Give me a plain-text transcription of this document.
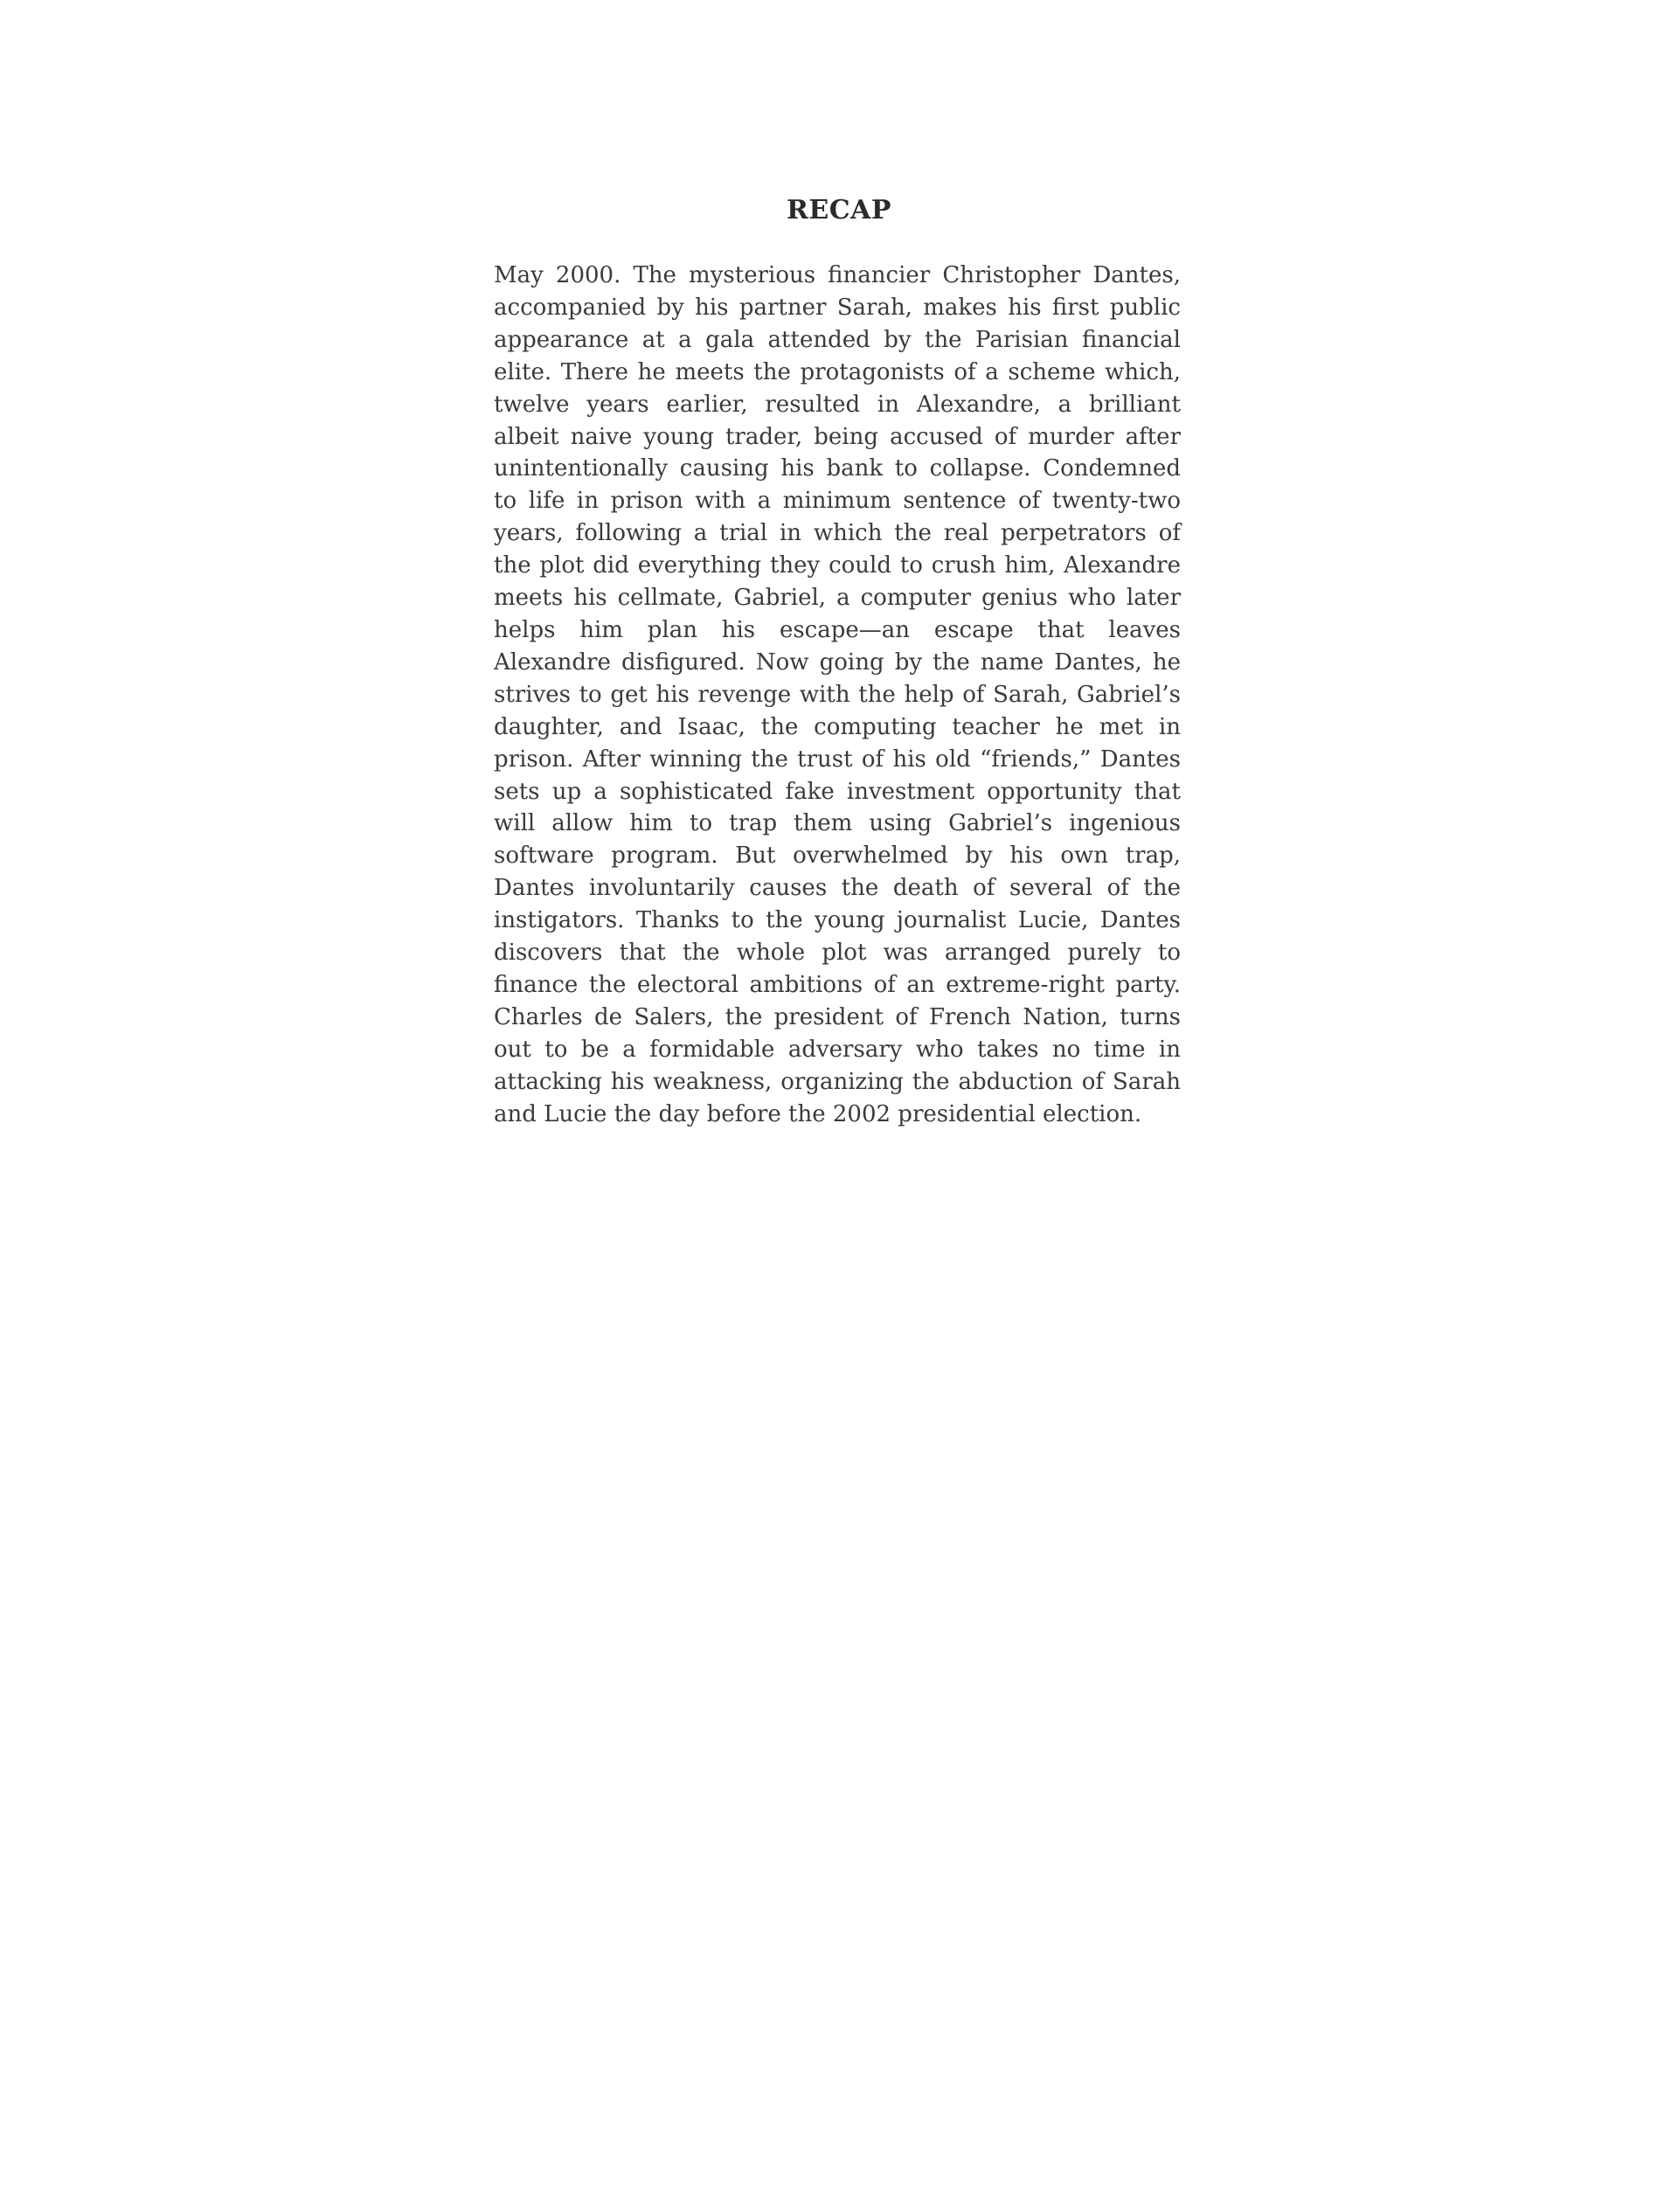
RECAP

May 2000. The mysterious financier Christopher Dantes, accompanied by his partner Sarah, makes his first public appearance at a gala attended by the Parisian financial elite. There he meets the protagonists of a scheme which, twelve years earlier, resulted in Alexandre, a brilliant albeit naive young trader, being accused of murder after unintentionally causing his bank to collapse. Condemned to life in prison with a minimum sentence of twenty-two years, following a trial in which the real perpetrators of the plot did everything they could to crush him, Alexandre meets his cellmate, Gabriel, a computer genius who later helps him plan his escape—an escape that leaves Alexandre disfigured. Now going by the name Dantes, he strives to get his revenge with the help of Sarah, Gabriel’s daughter, and Isaac, the computing teacher he met in prison. After winning the trust of his old “friends,” Dantes sets up a sophisticated fake investment opportunity that will allow him to trap them using Gabriel’s ingenious software program. But overwhelmed by his own trap, Dantes involuntarily causes the death of several of the instigators. Thanks to the young journalist Lucie, Dantes discovers that the whole plot was arranged purely to finance the electoral ambitions of an extreme-right party. Charles de Salers, the president of French Nation, turns out to be a formidable adversary who takes no time in attacking his weakness, organizing the abduction of Sarah and Lucie the day before the 2002 presidential election.
